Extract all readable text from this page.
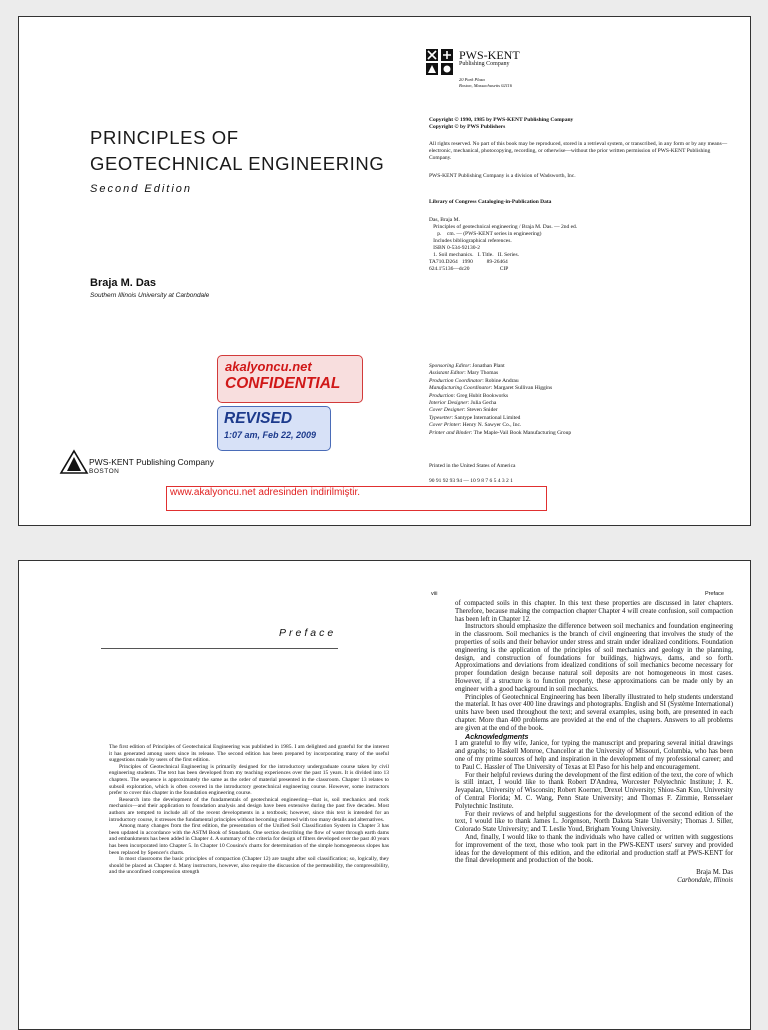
PRINCIPLES OF
GEOTECHNICAL ENGINEERING
Second Edition
Braja M. Das
Southern Illinois University at Carbondale
akalyoncu.net
CONFIDENTIAL
REVISED
1:07 am, Feb 22, 2009
PWS-KENT Publishing Company
BOSTON
www.akalyoncu.net adresinden indirilmiştir.
PWS-KENT
Publishing Company
20 Park Plaza
Boston, Massachusetts 02116
Copyright © 1990, 1985 by PWS-KENT Publishing Company
Copyright © by PWS Publishers
All rights reserved. No part of this book may be reproduced, stored in a retrieval system, or transcribed, in any form or by any means—electronic, mechanical, photocopying, recording, or otherwise—without the prior written permission of PWS-KENT Publishing Company.
PWS-KENT Publishing Company is a division of Wadsworth, Inc.
Library of Congress Cataloging-in-Publication Data
Das, Braja M.
Principles of geotechnical engineering / Braja M. Das. — 2nd ed.
p.    cm. — (PWS-KENT series in engineering)
Includes bibliographical references.
ISBN 0-534-92130-2
1. Soil mechanics.   I. Title.   II. Series.
TA710.D264   1990          89-26464
624.1'5136—dc20                      CIP
Sponsoring Editor: Jonathan Plant
Assistant Editor: Mary Thomas
Production Coordinator: Robine Andrau
Manufacturing Coordinator: Margaret Sullivan Higgins
Production: Greg Hubit Bookworks
Interior Designer: Julia Gecha
Cover Designer: Steven Snider
Typesetter: Santype International Limited
Cover Printer: Henry N. Sawyer Co., Inc.
Printer and Binder: The Maple-Vail Book Manufacturing Group
Printed in the United States of America
90 91 92 93 94 — 10 9 8 7 6 5 4 3 2 1
Preface

The first edition of Principles of Geotechnical Engineering was published in 1985. I am delighted and grateful for the interest it has generated among users since its release. The second edition has been prepared by incorporating many of the useful suggestions made by users of the first edition.

Principles of Geotechnical Engineering is primarily designed for the introductory undergraduate course taken by civil engineering students. The text has been developed from my teaching experiences over the past 15 years. It is divided into 13 chapters. The sequence is approximately the same as the order of material presented in the classroom. Chapter 13 relates to subsoil exploration, which is often covered in the introductory geotechnical engineering course. However, some instructors prefer to cover this chapter in the foundation engineering course.

Research into the development of the fundamentals of geotechnical engineering—that is, soil mechanics and rock mechanics—and their application to foundation analysis and design have been extensive during the past five decades. Most authors are tempted to include all of the recent developments in a textbook; however, since this text is intended for an introductory course, it stresses the fundamental principles without becoming cluttered with too many details and alternatives.

Among many changes from the first edition, the presentation of the Unified Soil Classification System in Chapter 3 has been updated in accordance with the ASTM Book of Standards. One section describing the flow of water through earth dams and embankments has been added in Chapter 4. A summary of the criteria for design of filters developed over the past 40 years has been incorporated into Chapter 5. In Chapter 10 Cousins's charts for determination of the simple homogeneous slopes has been replaced by Spencer's charts.

In most classrooms the basic principles of compaction (Chapter 12) are taught after soil classification; so, logically, they should be placed as Chapter 4. Many instructors, however, also require the discussion of the permeability, the compressibility, and the unconfined compression strength

viii	Preface

of compacted soils in this chapter. In this text these properties are discussed in later chapters. Therefore, because making the compaction chapter Chapter 4 will create confusion, soil compaction has been left in Chapter 12.

Instructors should emphasize the difference between soil mechanics and foundation engineering in the classroom. Soil mechanics is the branch of civil engineering that involves the study of the properties of soils and their behavior under stress and strain under idealized conditions. Foundation engineering is the application of the principles of soil mechanics and geology in the planning, design, and construction of foundations for buildings, highways, dams, and so forth. Approximations and deviations from idealized conditions of soil mechanics become necessary for proper foundation design because natural soil deposits are not homogeneous in most cases. However, if a structure is to function properly, these approximations can be made only by an engineer with a good background in soil mechanics.

Principles of Geotechnical Engineering has been liberally illustrated to help students understand the material. It has over 400 line drawings and photographs. English and SI (Système International) units have been used throughout the text; and several examples, using both, are presented in each chapter. More than 400 problems are provided at the end of the chapters. Answers to all problems are given at the end of the book.

Acknowledgments

I am grateful to my wife, Janice, for typing the manuscript and preparing several initial drawings and graphs; to Haskell Monroe, Chancellor at the University of Missouri, Columbia, who has been one of my prime sources of help and inspiration in the development of my professional career; and to Paul C. Hassler of The University of Texas at El Paso for his help and encouragement.

For their helpful reviews during the development of the first edition of the text, the core of which is still intact, I would like to thank Robert D'Andrea, Worcester Polytechnic Institute; J. K. Jeyapalan, University of Wisconsin; Robert Koerner, Drexel University; Shiou-San Kuo, University of Central Florida; M. C. Wang, Penn State University; and Thomas F. Zimmie, Rensselaer Polytechnic Institute.

For their reviews of and helpful suggestions for the development of the second edition of the text, I would like to thank James L. Jorgenson, North Dakota State University; Thomas J. Siller, Colorado State University; and T. Leslie Youd, Brigham Young University.

And, finally, I would like to thank the individuals who have called or written with suggestions for improvement of the text, those who took part in the PWS-KENT users' survey and provided ideas for the development of this edition, and the editorial and production staff at PWS-KENT for the final development and production of the book.

Braja M. Das
Carbondale, Illinois
